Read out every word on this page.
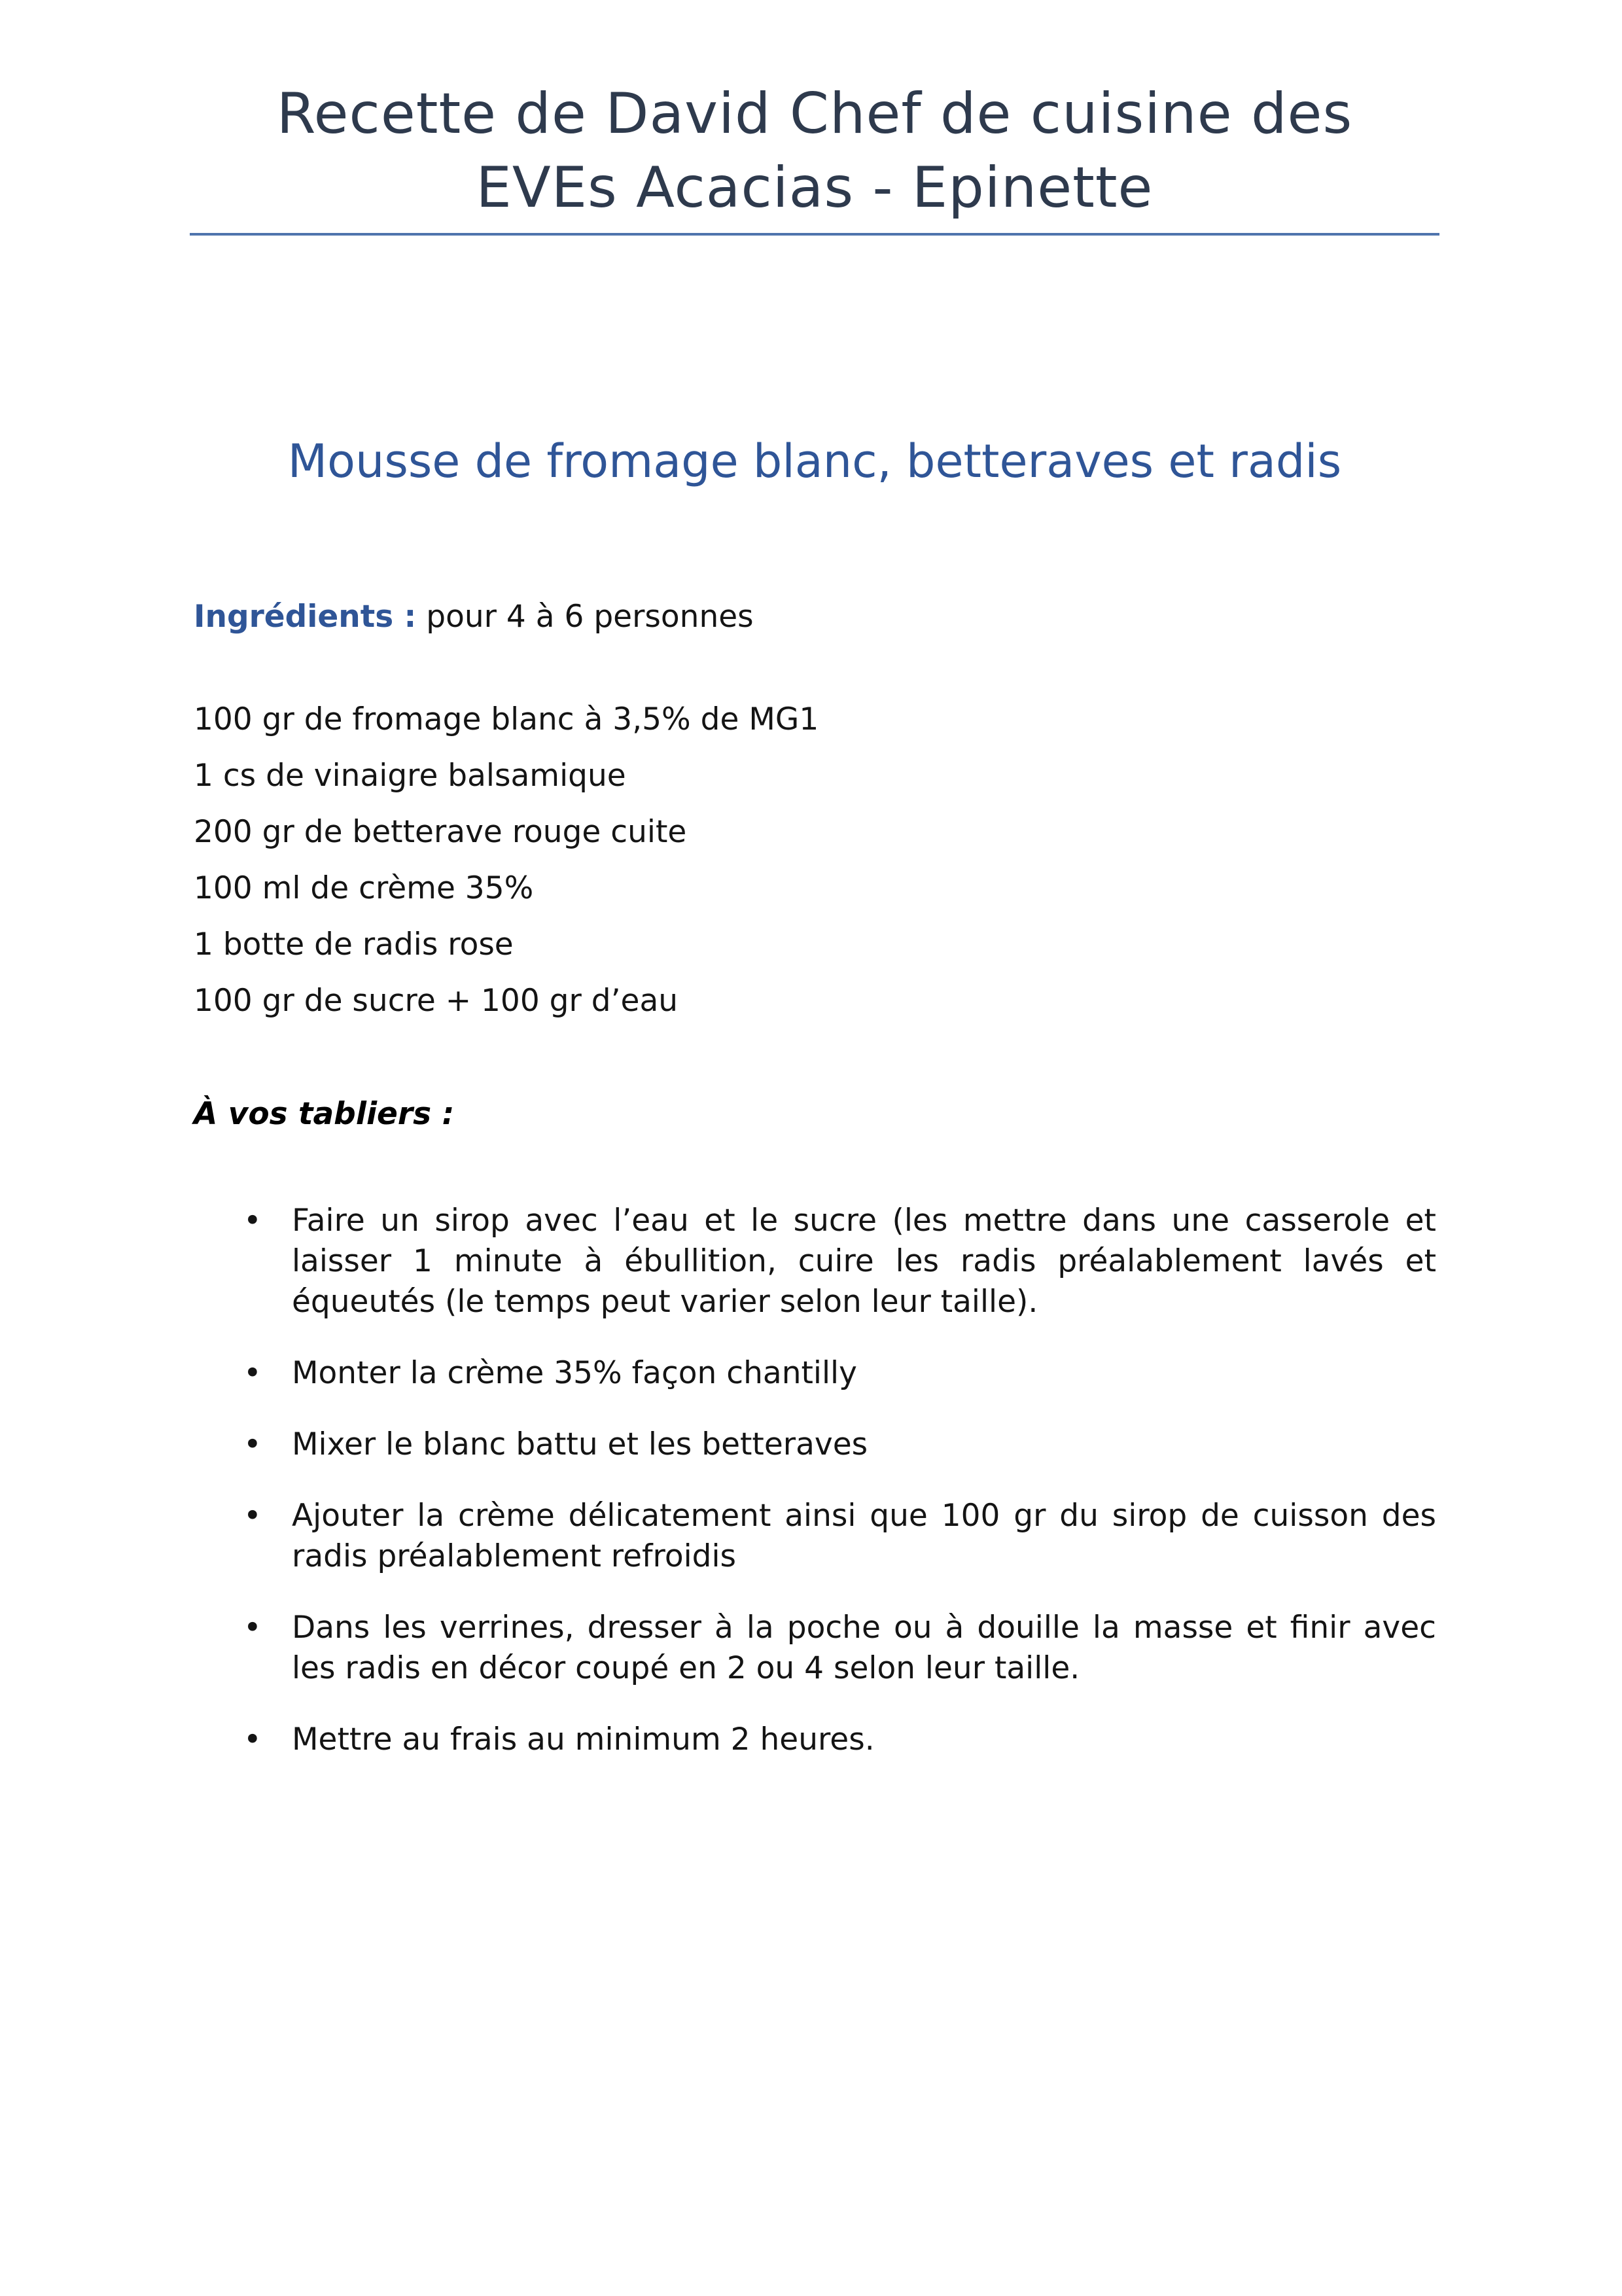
Recette de David Chef de cuisine des
EVEs Acacias - Epinette
Mousse de fromage blanc, betteraves et radis

Ingrédients : pour 4 à 6 personnes

100 gr de fromage blanc à 3,5% de MG1
1 cs de vinaigre balsamique
200 gr de betterave rouge cuite
100 ml de crème 35%
1 botte de radis rose
100 gr de sucre + 100 gr d’eau

À vos tabliers :

• Faire un sirop avec l’eau et le sucre (les mettre dans une casserole et laisser 1 minute à ébullition, cuire les radis préalablement lavés et équeutés (le temps peut varier selon leur taille).
• Monter la crème 35% façon chantilly
• Mixer le blanc battu et les betteraves
• Ajouter la crème délicatement ainsi que 100 gr du sirop de cuisson des radis préalablement refroidis
• Dans les verrines, dresser à la poche ou à douille la masse et finir avec les radis en décor coupé en 2 ou 4 selon leur taille.
• Mettre au frais au minimum 2 heures.
